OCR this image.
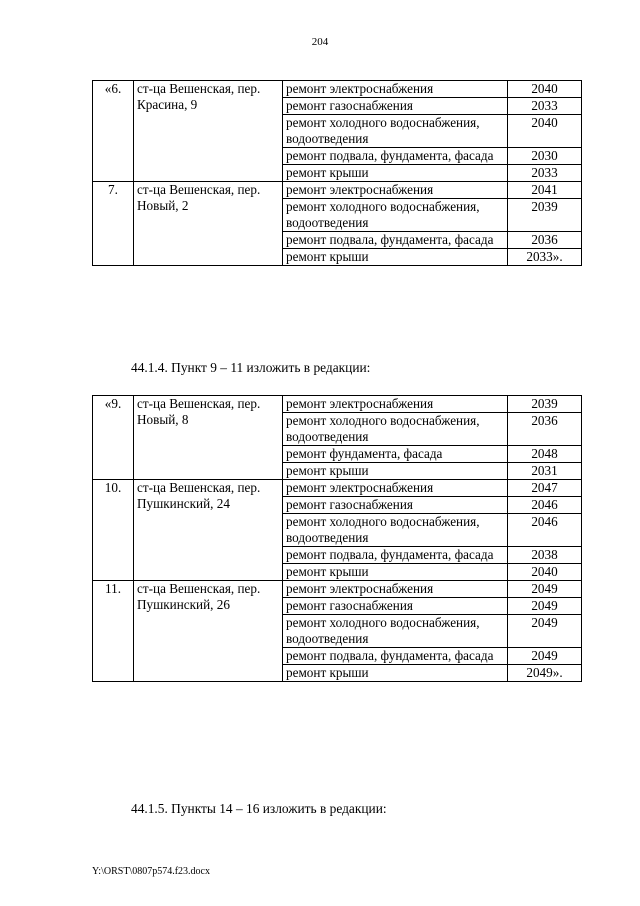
204
«6.	ст-ца Вешенская, пер. Красина, 9	ремонт электроснабжения	2040
		ремонт газоснабжения	2033
		ремонт холодного водоснабжения, водоотведения	2040
		ремонт подвала, фундамента, фасада	2030
		ремонт крыши	2033
7.	ст-ца Вешенская, пер. Новый, 2	ремонт электроснабжения	2041
		ремонт холодного водоснабжения, водоотведения	2039
		ремонт подвала, фундамента, фасада	2036
		ремонт крыши	2033».
44.1.4. Пункт 9 – 11 изложить в редакции:
«9.	ст-ца Вешенская, пер. Новый, 8	ремонт электроснабжения	2039
		ремонт холодного водоснабжения, водоотведения	2036
		ремонт фундамента, фасада	2048
		ремонт крыши	2031
10.	ст-ца Вешенская, пер. Пушкинский, 24	ремонт электроснабжения	2047
		ремонт газоснабжения	2046
		ремонт холодного водоснабжения, водоотведения	2046
		ремонт подвала, фундамента, фасада	2038
		ремонт крыши	2040
11.	ст-ца Вешенская, пер. Пушкинский, 26	ремонт электроснабжения	2049
		ремонт газоснабжения	2049
		ремонт холодного водоснабжения, водоотведения	2049
		ремонт подвала, фундамента, фасада	2049
		ремонт крыши	2049».
44.1.5. Пункты 14 – 16 изложить в редакции:
Y:\ORST\0807p574.f23.docx
